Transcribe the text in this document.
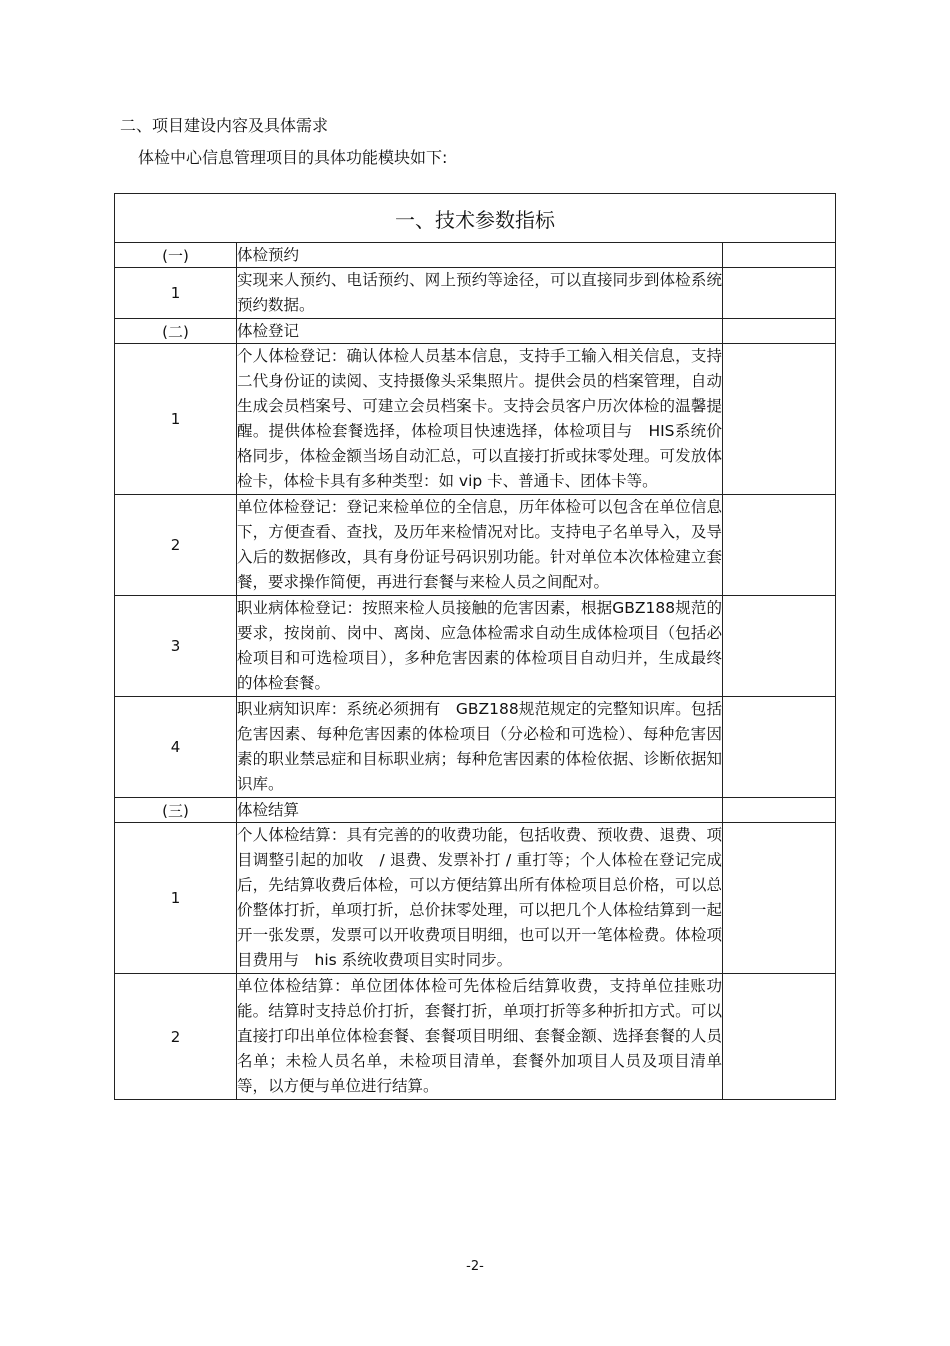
二、项目建设内容及具体需求
体检中心信息管理项目的具体功能模块如下:
一、技术参数指标		
(一)	体检预约	
1	实现来人预约、电话预约、网上预约等途径，可以直接同步到体检系统预约数据。	
(二)	体检登记	
1	个人体检登记：确认体检人员基本信息，支持手工输入相关信息，支持二代身份证的读阅、支持摄像头采集照片。提供会员的档案管理，自动生成会员档案号、可建立会员档案卡。支持会员客户历次体检的温馨提醒。提供体检套餐选择，体检项目快速选择，体检项目与　HIS系统价格同步，体检金额当场自动汇总，可以直接打折或抹零处理。可发放体检卡，体检卡具有多种类型：如 vip 卡、普通卡、团体卡等。	
2	单位体检登记：登记来检单位的全信息，历年体检可以包含在单位信息下，方便查看、查找，及历年来检情况对比。支持电子名单导入，及导入后的数据修改，具有身份证号码识别功能。针对单位本次体检建立套餐，要求操作简便，再进行套餐与来检人员之间配对。	
3	职业病体检登记：按照来检人员接触的危害因素，根据GBZ188规范的要求，按岗前、岗中、离岗、应急体检需求自动生成体检项目（包括必检项目和可选检项目），多种危害因素的体检项目自动归并，生成最终的体检套餐。	
4	职业病知识库：系统必须拥有　GBZ188规范规定的完整知识库。包括危害因素、每种危害因素的体检项目（分必检和可选检）、每种危害因素的职业禁忌症和目标职业病；每种危害因素的体检依据、诊断依据知识库。	
(三)	体检结算	
1	个人体检结算：具有完善的的收费功能，包括收费、预收费、退费、项目调整引起的加收　/ 退费、发票补打 / 重打等；个人体检在登记完成后，先结算收费后体检，可以方便结算出所有体检项目总价格，可以总价整体打折，单项打折，总价抹零处理，可以把几个人体检结算到一起开一张发票，发票可以开收费项目明细，也可以开一笔体检费。体检项目费用与　his 系统收费项目实时同步。	
2	单位体检结算：单位团体体检可先体检后结算收费，支持单位挂账功能。结算时支持总价打折，套餐打折，单项打折等多种折扣方式。可以直接打印出单位体检套餐、套餐项目明细、套餐金额、选择套餐的人员名单；未检人员名单，未检项目清单，套餐外加项目人员及项目清单等，以方便与单位进行结算。	
-2-
